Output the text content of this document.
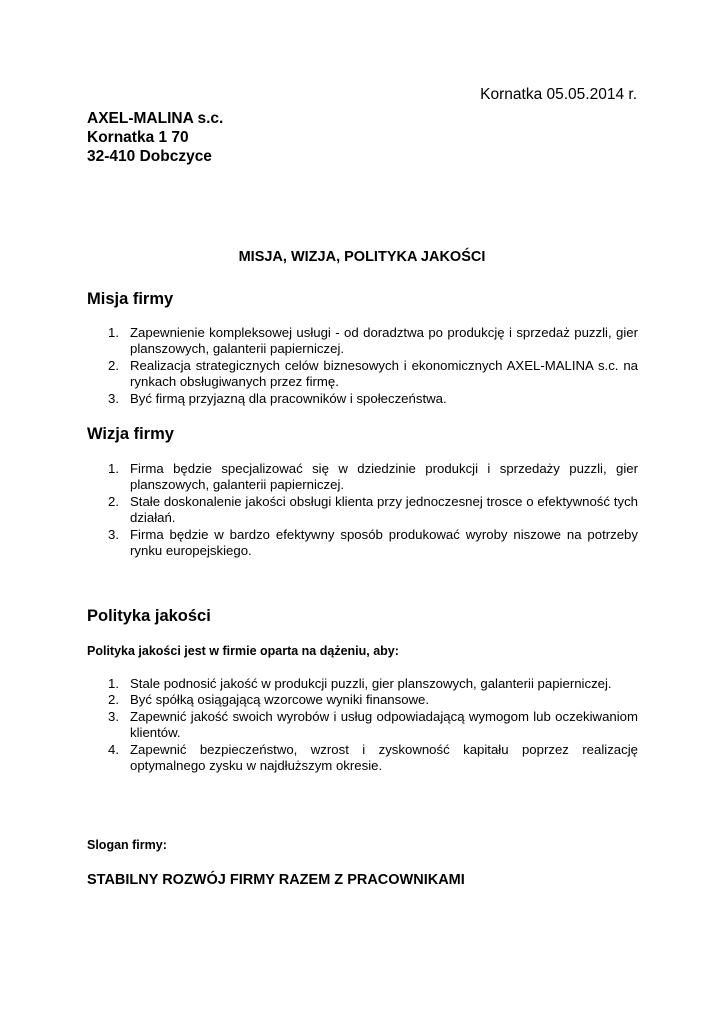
Kornatka 05.05.2014 r.
AXEL-MALINA s.c.
Kornatka 1 70
32-410 Dobczyce
MISJA, WIZJA, POLITYKA JAKOŚCI
Misja firmy
1. Zapewnienie kompleksowej usługi - od doradztwa po produkcję i sprzedaż puzzli, gier planszowych, galanterii papierniczej.
2. Realizacja strategicznych celów biznesowych i ekonomicznych AXEL-MALINA s.c. na rynkach obsługiwanych przez firmę.
3. Być firmą przyjazną dla pracowników i społeczeństwa.
Wizja firmy
1. Firma będzie specjalizować się w dziedzinie produkcji i sprzedaży puzzli, gier planszowych, galanterii papierniczej.
2. Stałe doskonalenie jakości obsługi klienta przy jednoczesnej trosce o efektywność tych działań.
3. Firma będzie w bardzo efektywny sposób produkować wyroby niszowe na potrzeby rynku europejskiego.
Polityka jakości
Polityka jakości jest w firmie oparta na dążeniu, aby:
1. Stale podnosić jakość w produkcji puzzli, gier planszowych, galanterii papierniczej.
2. Być spółką osiągającą wzorcowe wyniki finansowe.
3. Zapewnić jakość swoich wyrobów i usług odpowiadającą wymogom lub oczekiwaniom klientów.
4. Zapewnić bezpieczeństwo, wzrost i zyskowność kapitału poprzez realizację optymalnego zysku w najdłuższym okresie.
Slogan firmy:
STABILNY ROZWÓJ FIRMY RAZEM Z PRACOWNIKAMI
